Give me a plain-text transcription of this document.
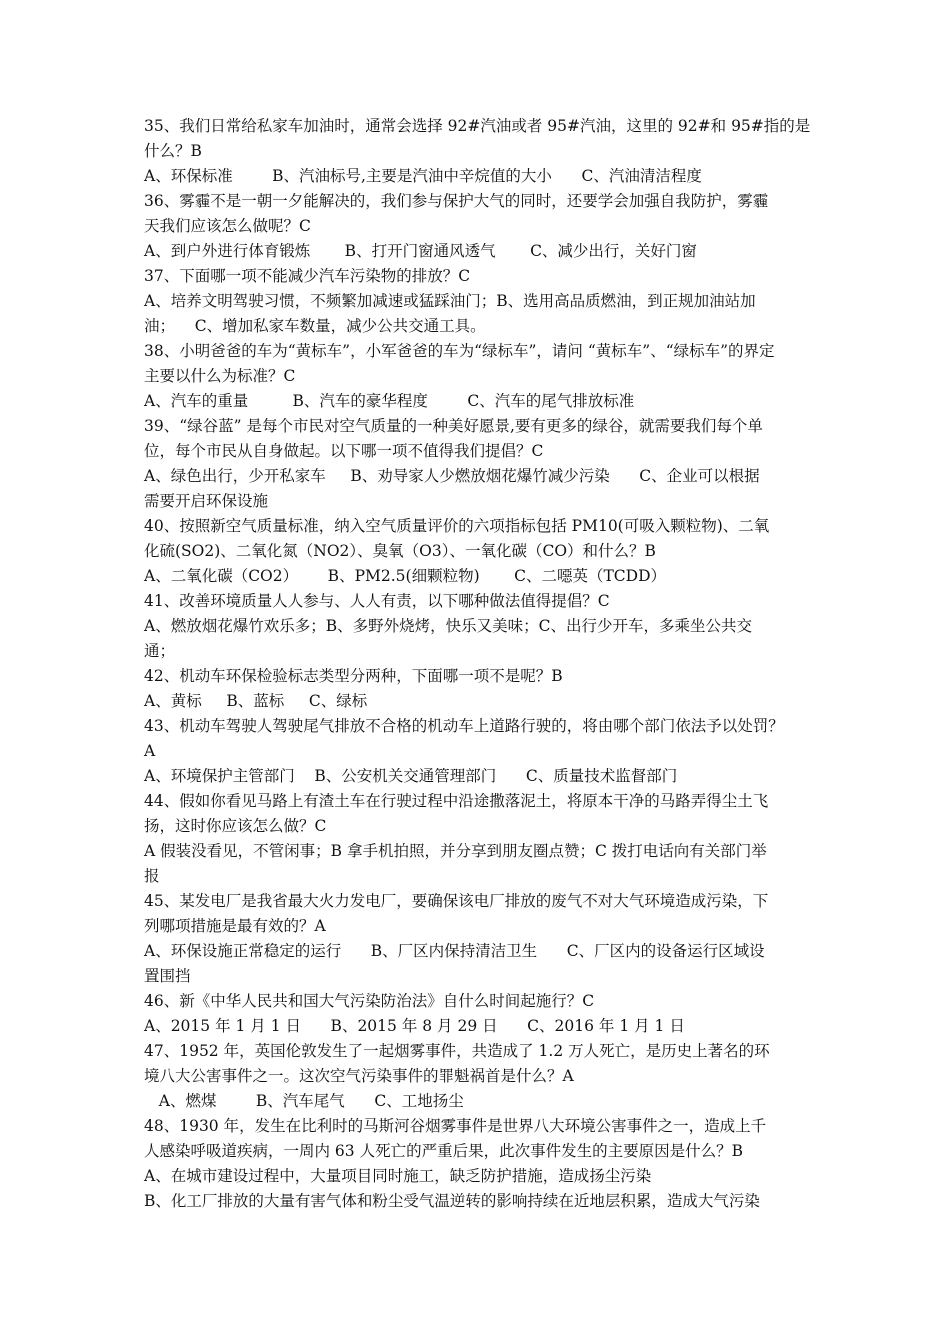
35、我们日常给私家车加油时，通常会选择 92#汽油或者 95#汽油，这里的 92#和 95#指的是
什么？B
A、环保标准        B、汽油标号,主要是汽油中辛烷值的大小      C、汽油清洁程度
36、雾霾不是一朝一夕能解决的，我们参与保护大气的同时，还要学会加强自我防护，雾霾
天我们应该怎么做呢？C
A、到户外进行体育锻炼       B、打开门窗通风透气       C、减少出行，关好门窗
37、下面哪一项不能减少汽车污染物的排放？C
A、培养文明驾驶习惯，不频繁加减速或猛踩油门；B、选用高品质燃油，到正规加油站加
油；    C、增加私家车数量，减少公共交通工具。
38、小明爸爸的车为“黄标车”，小军爸爸的车为“绿标车”，请问 “黄标车”、“绿标车”的界定
主要以什么为标准？C
A、汽车的重量         B、汽车的豪华程度        C、汽车的尾气排放标准
39、“绿谷蓝” 是每个市民对空气质量的一种美好愿景,要有更多的绿谷，就需要我们每个单
位，每个市民从自身做起。以下哪一项不值得我们提倡？C
A、绿色出行，少开私家车     B、劝导家人少燃放烟花爆竹减少污染      C、企业可以根据
需要开启环保设施
40、按照新空气质量标准，纳入空气质量评价的六项指标包括 PM10(可吸入颗粒物)、二氧
化硫(SO2)、二氧化氮（NO2）、臭氧（O3）、一氧化碳（CO）和什么？B
A、二氧化碳（CO2）      B、PM2.5(细颗粒物)       C、二噁英（TCDD）
41、改善环境质量人人参与、人人有责，以下哪种做法值得提倡？C
A、燃放烟花爆竹欢乐多；B、多野外烧烤，快乐又美味；C、出行少开车，多乘坐公共交
通；
42、机动车环保检验标志类型分两种，下面哪一项不是呢？B
A、黄标     B、蓝标     C、绿标
43、机动车驾驶人驾驶尾气排放不合格的机动车上道路行驶的，将由哪个部门依法予以处罚？
A
A、环境保护主管部门    B、公安机关交通管理部门      C、质量技术监督部门
44、假如你看见马路上有渣土车在行驶过程中沿途撒落泥土，将原本干净的马路弄得尘土飞
扬，这时你应该怎么做？C
A 假装没看见，不管闲事；B 拿手机拍照，并分享到朋友圈点赞；C 拨打电话向有关部门举
报
45、某发电厂是我省最大火力发电厂，要确保该电厂排放的废气不对大气环境造成污染，下
列哪项措施是最有效的？A
A、环保设施正常稳定的运行      B、厂区内保持清洁卫生      C、厂区内的设备运行区域设
置围挡
46、新《中华人民共和国大气污染防治法》自什么时间起施行？C
A、2015 年 1 月 1 日      B、2015 年 8 月 29 日      C、2016 年 1 月 1 日
47、1952 年，英国伦敦发生了一起烟雾事件，共造成了 1.2 万人死亡，是历史上著名的环
境八大公害事件之一。这次空气污染事件的罪魁祸首是什么？A
A、燃煤        B、汽车尾气      C、工地扬尘
48、1930 年，发生在比利时的马斯河谷烟雾事件是世界八大环境公害事件之一，造成上千
人感染呼吸道疾病，一周内 63 人死亡的严重后果，此次事件发生的主要原因是什么？B
A、在城市建设过程中，大量项目同时施工，缺乏防护措施，造成扬尘污染
B、化工厂排放的大量有害气体和粉尘受气温逆转的影响持续在近地层积累，造成大气污染
